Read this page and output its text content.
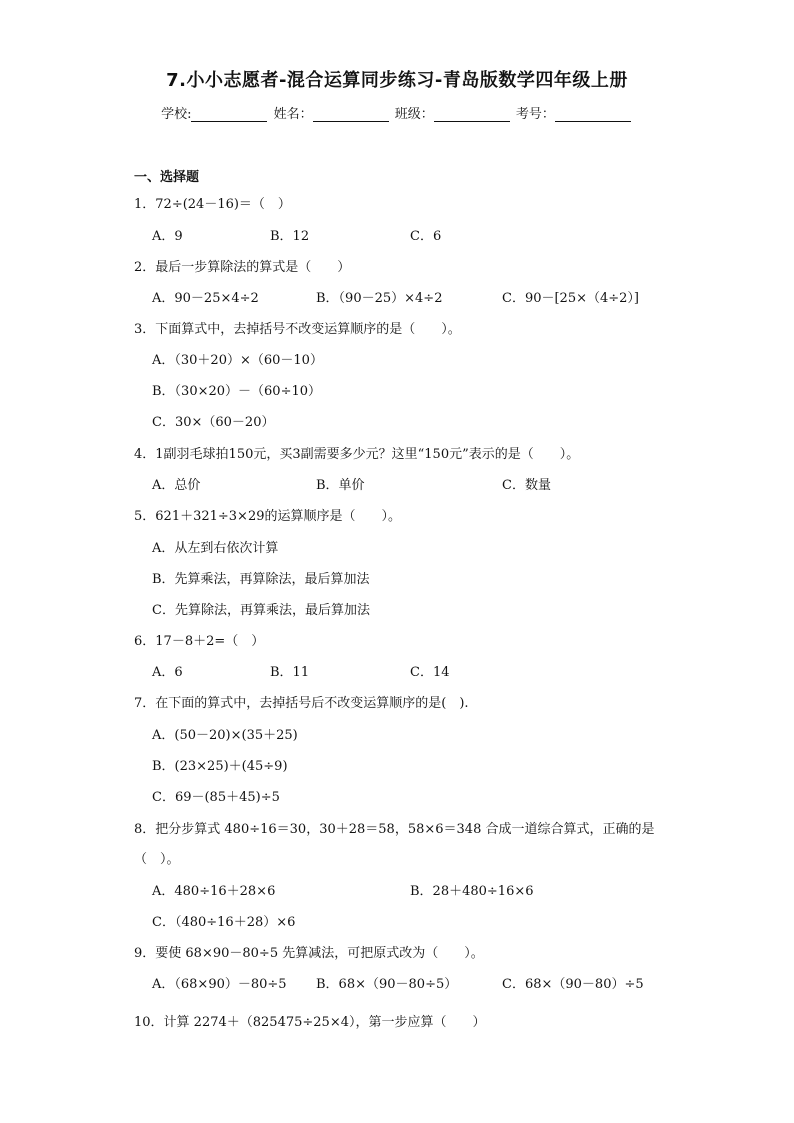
7.小小志愿者-混合运算同步练习-青岛版数学四年级上册
学校:	姓名：	班级：	考号：
一、选择题
1．72÷(24－16)＝（　）
A．9	B．12	C．6
2．最后一步算除法的算式是（　　）
A．90－25×4÷2	B．（90－25）×4÷2	C．90－[25×（4÷2）]
3．下面算式中，去掉括号不改变运算顺序的是（　　）。
A．（30＋20）×（60－10）
B．（30×20）－（60÷10）
C．30×（60－20）
4．1副羽毛球拍150元，买3副需要多少元？这里“150元”表示的是（　　）。
A．总价	B．单价	C．数量
5．621＋321÷3×29的运算顺序是（　　）。
A．从左到右依次计算
B．先算乘法，再算除法，最后算加法
C．先算除法，再算乘法，最后算加法
6．17－8＋2=（　）
A．6	B．11	C．14
7．在下面的算式中，去掉括号后不改变运算顺序的是(　).
A．(50－20)×(35＋25)
B．(23×25)＋(45÷9)
C．69－(85＋45)÷5
8．把分步算式 480÷16＝30，30＋28＝58，58×6＝348 合成一道综合算式，正确的是
（　）。
A．480÷16＋28×6	B．28＋480÷16×6
C．（480÷16＋28）×6
9．要使 68×90－80÷5 先算减法，可把原式改为（　　）。
A．（68×90）－80÷5 B．68×（90－80÷5）	C．68×（90－80）÷5
10．计算 2274＋（825475÷25×4），第一步应算（　　）
